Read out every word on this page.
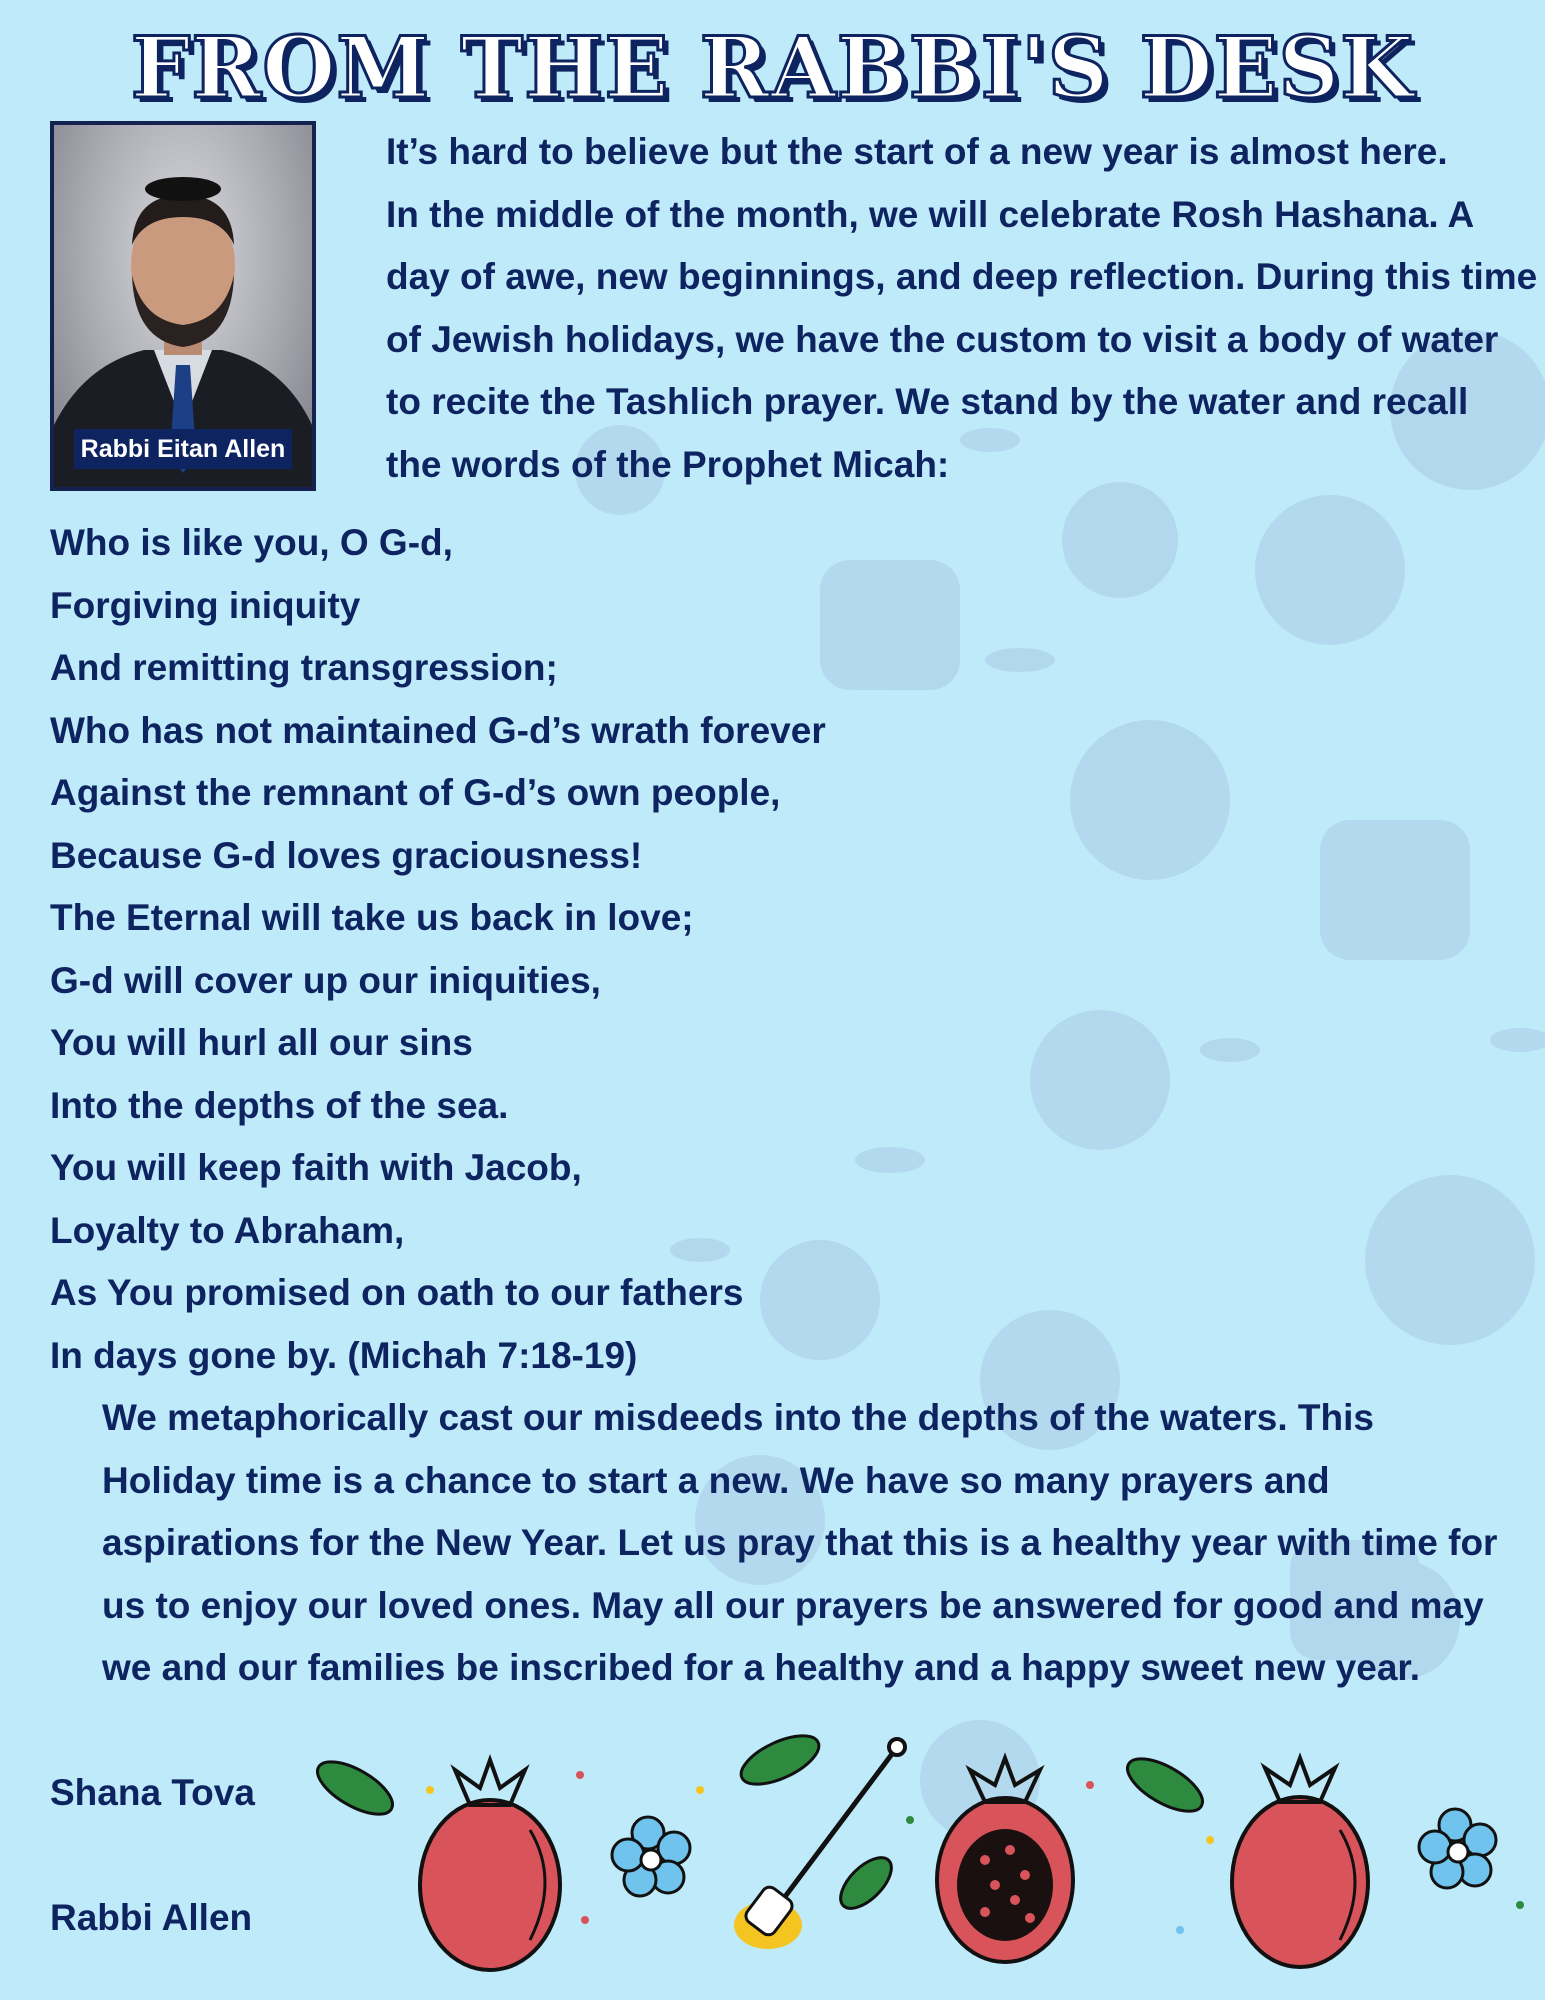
FROM THE RABBI'S DESK
Rabbi Eitan Allen
It’s hard to believe but the start of a new year is almost here.
In the middle of the month, we will celebrate Rosh Hashana. A
day of awe, new beginnings, and deep reflection. During this time
of Jewish holidays, we have the custom to visit a body of water
to recite the Tashlich prayer. We stand by the water and recall
the words of the Prophet Micah:
Who is like you, O G-d,
Forgiving iniquity
And remitting transgression;
Who has not maintained G-d’s wrath forever
Against the remnant of G-d’s own people,
Because G-d loves graciousness!
The Eternal will take us back in love;
G-d will cover up our iniquities,
You will hurl all our sins
Into the depths of the sea.
You will keep faith with Jacob,
Loyalty to Abraham,
As You promised on oath to our fathers
In days gone by. (Michah 7:18-19)
We metaphorically cast our misdeeds into the depths of the waters. This
Holiday time is a chance to start a new. We have so many prayers and
aspirations for the New Year. Let us pray that this is a healthy year with time for
us to enjoy our loved ones. May all our prayers be answered for good and may
we and our families be inscribed for a healthy and a happy sweet new year.
Shana Tova
Rabbi Allen
